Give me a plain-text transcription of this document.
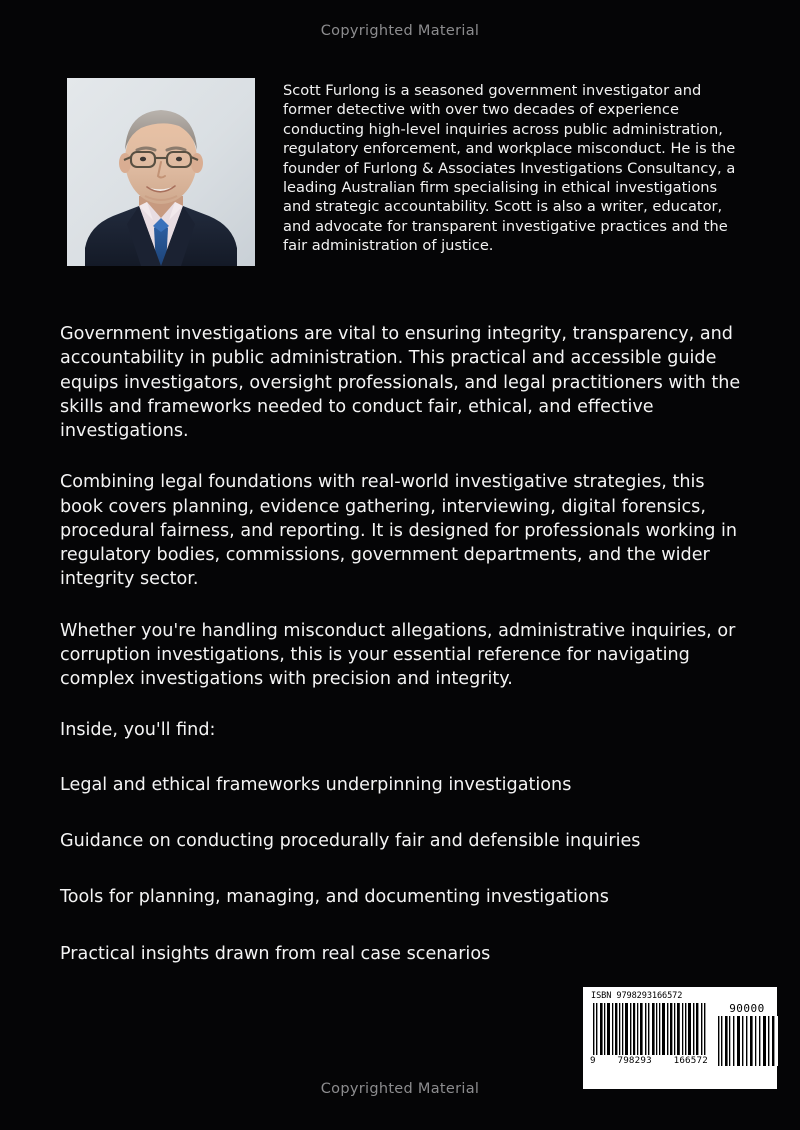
Copyrighted Material
Scott Furlong is a seasoned government investigator and former detective with over two decades of experience conducting high-level inquiries across public administration, regulatory enforcement, and workplace misconduct. He is the founder of Furlong & Associates Investigations Consultancy, a leading Australian firm specialising in ethical investigations and strategic accountability. Scott is also a writer, educator, and advocate for transparent investigative practices and the fair administration of justice.

Government investigations are vital to ensuring integrity, transparency, and accountability in public administration. This practical and accessible guide equips investigators, oversight professionals, and legal practitioners with the skills and frameworks needed to conduct fair, ethical, and effective investigations.

Combining legal foundations with real-world investigative strategies, this book covers planning, evidence gathering, interviewing, digital forensics, procedural fairness, and reporting. It is designed for professionals working in regulatory bodies, commissions, government departments, and the wider integrity sector.

Whether you're handling misconduct allegations, administrative inquiries, or corruption investigations, this is your essential reference for navigating complex investigations with precision and integrity.

Inside, you'll find:

Legal and ethical frameworks underpinning investigations
Guidance on conducting procedurally fair and defensible inquiries
Tools for planning, managing, and documenting investigations
Practical insights drawn from real case scenarios
ISBN 9798293166572
9 798293 166572
90000
Copyrighted Material
